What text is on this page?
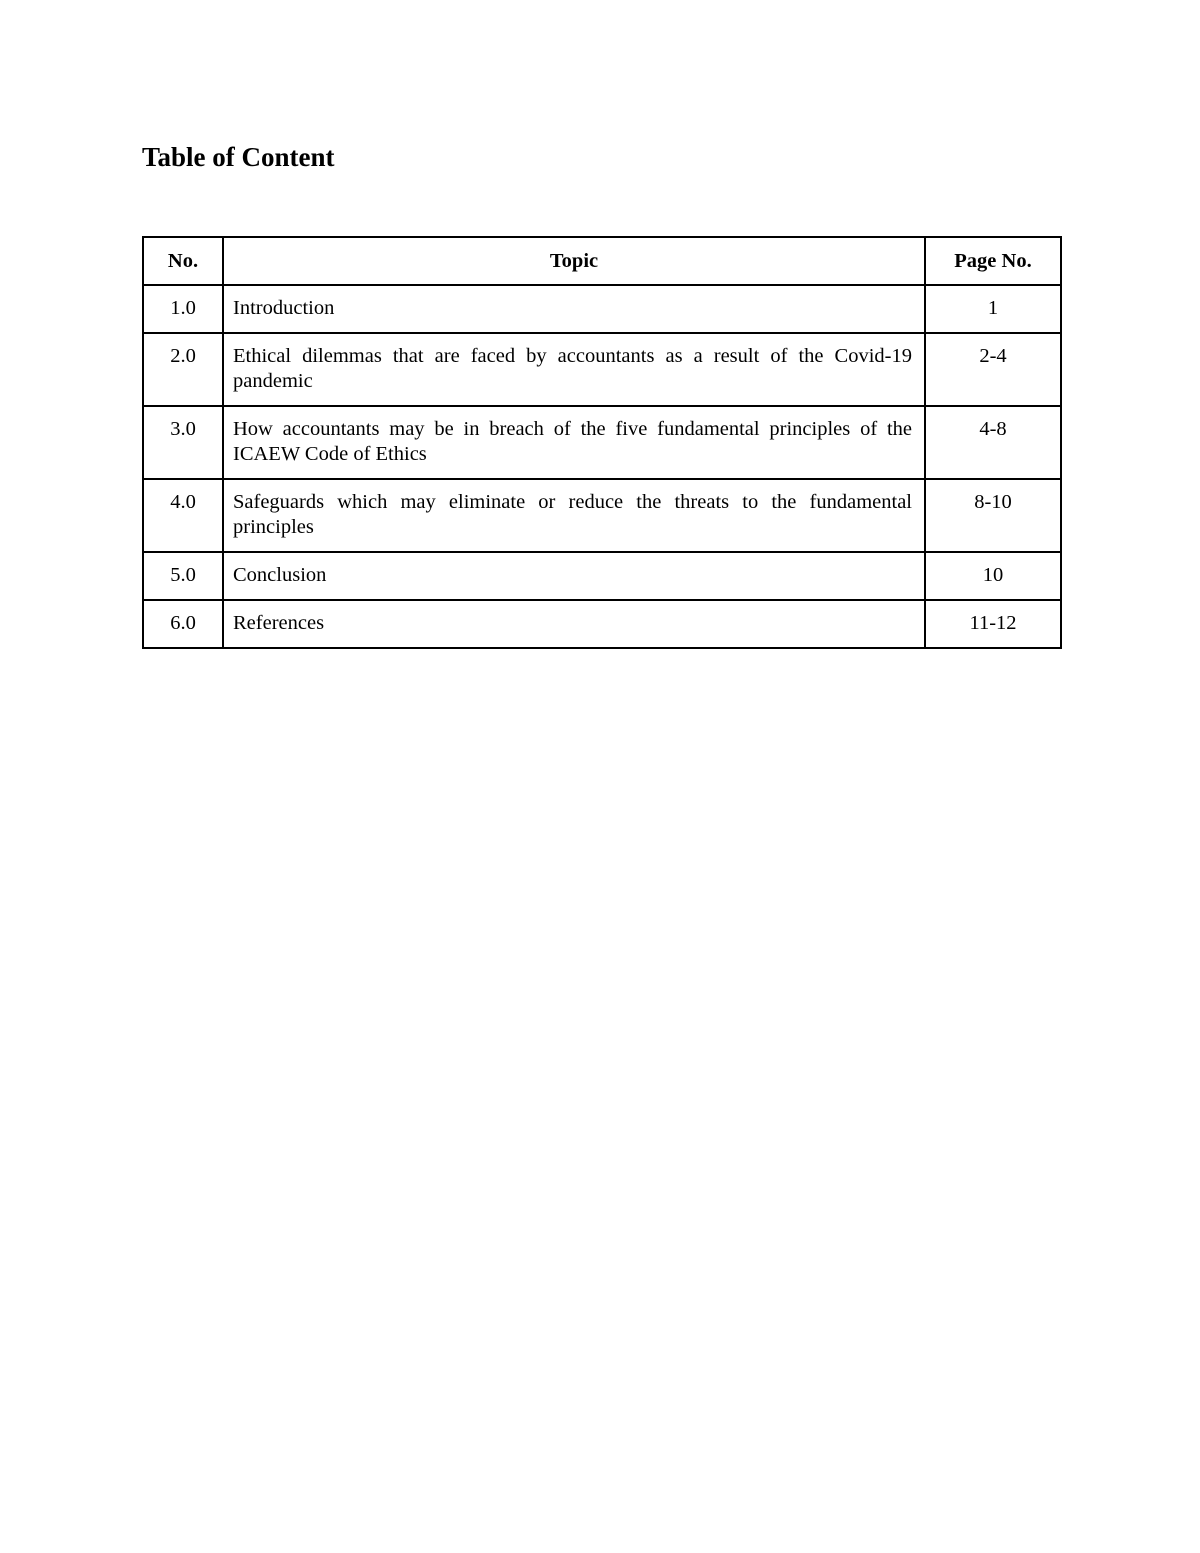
Table of Content
No.	Topic	Page No.
1.0	Introduction	1
2.0	Ethical dilemmas that are faced by accountants as a result of the Covid-19 pandemic	2-4
3.0	How accountants may be in breach of the five fundamental principles of the ICAEW Code of Ethics	4-8
4.0	Safeguards which may eliminate or reduce the threats to the fundamental principles	8-10
5.0	Conclusion	10
6.0	References	11-12
